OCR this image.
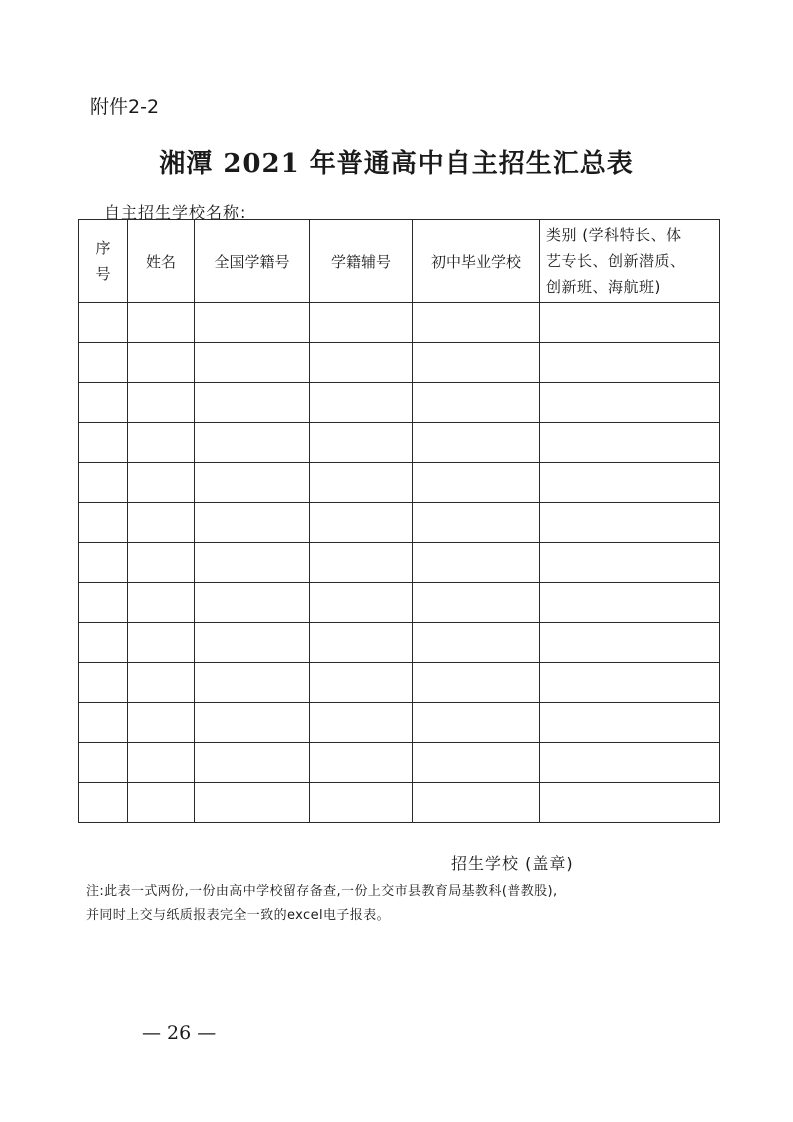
附件2-2
湘潭 2021 年普通高中自主招生汇总表
自主招生学校名称:
序
号	姓名	全国学籍号	学籍辅号	初中毕业学校	类别 (学科特长、体
艺专长、创新潜质、
创新班、海航班)

招生学校 (盖章)
注:此表一式两份,一份由高中学校留存备查,一份上交市县教育局基教科(普教股),
并同时上交与纸质报表完全一致的excel电子报表。
— 26 —
